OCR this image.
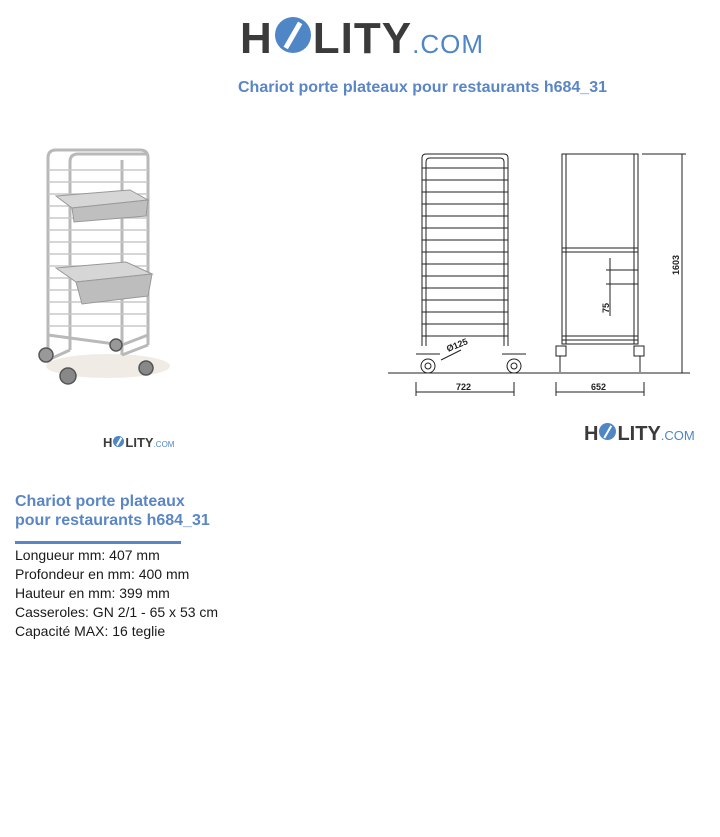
H LITY .COM
Chariot porte plateaux pour restaurants h684_31
Ø125
722	652
1603
75
H LITY .COM	H LITY .COM
Chariot porte plateaux
pour restaurants h684_31
Longueur mm: 407 mm
Profondeur en mm: 400 mm
Hauteur en mm: 399 mm
Casseroles: GN 2/1 - 65 x 53 cm
Capacité MAX: 16 teglie
